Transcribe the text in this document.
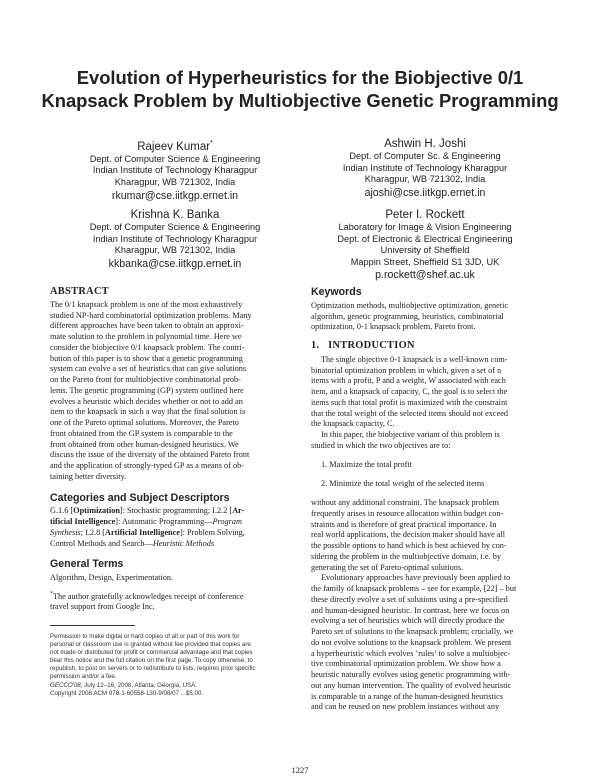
Evolution of Hyperheuristics for the Biobjective 0/1
Knapsack Problem by Multiobjective Genetic Programming
Rajeev Kumar*
Dept. of Computer Science & Engineering
Indian Institute of Technology Kharagpur
Kharagpur, WB 721302, India
rkumar@cse.iitkgp.ernet.in
Ashwin H. Joshi
Dept. of Computer Sc. & Engineering
Indian Institute of Technology Kharagpur
Kharagpur, WB 721302, India
ajoshi@cse.iitkgp.ernet.in
Krishna K. Banka
Dept. of Computer Science & Engineering
Indian Institute of Technology Kharagpur
Kharagpur, WB 721302, India
kkbanka@cse.iitkgp.ernet.in
Peter I. Rockett
Laboratory for Image & Vision Engineering
Dept. of Electronic & Electrical Engineering
University of Sheffield
Mappin Street, Sheffield S1 3JD, UK
p.rockett@shef.ac.uk
ABSTRACT
The 0/1 knapsack problem is one of the most exhaustively
studied NP-hard combinatorial optimization problems. Many
different approaches have been taken to obtain an approxi-
mate solution to the problem in polynomial time. Here we
consider the biobjective 0/1 knapsack problem. The contri-
bution of this paper is to show that a genetic programming
system can evolve a set of heuristics that can give solutions
on the Pareto front for multiobjective combinatorial prob-
lems. The genetic programming (GP) system outlined here
evolves a heuristic which decides whether or not to add an
item to the knapsack in such a way that the final solution is
one of the Pareto optimal solutions. Moreover, the Pareto
front obtained from the GP system is comparable to the
front obtained from other human-designed heuristics. We
discuss the issue of the diversity of the obtained Pareto front
and the application of strongly-typed GP as a means of ob-
taining better diversity.
Categories and Subject Descriptors
G.1.6 [Optimization]: Stochastic programming; I.2.2 [Ar-
tificial Intelligence]: Automatic Programming—Program
Synthesis; I.2.8 [Artificial Intelligence]: Problem Solving,
Control Methods and Search—Heuristic Methods
General Terms
Algorithm, Design, Experimentation.
*The author gratefully acknowledges receipt of conference
travel support from Google Inc.
Permission to make digital or hard copies of all or part of this work for
personal or classroom use is granted without fee provided that copies are
not made or distributed for profit or commercial advantage and that copies
bear this notice and the full citation on the first page. To copy otherwise, to
republish, to post on servers or to redistribute to lists, requires prior specific
permission and/or a fee.
GECCO'08, July 12–16, 2008, Atlanta, Georgia, USA.
Copyright 2008 ACM 978-1-60558-130-9/08/07 ...$5.00.
Keywords
Optimization methods, multiobjective optimization, genetic
algorithm, genetic programming, heuristics, combinatorial
optimization, 0-1 knapsack problem, Pareto front.
1.   INTRODUCTION
The single objective 0-1 knapsack is a well-known com-
binatorial optimization problem in which, given a set of n
items with a profit, P and a weight, W associated with each
item, and a knapsack of capacity, C, the goal is to select the
items such that total profit is maximized with the constraint
that the total weight of the selected items should not exceed
the knapsack capacity, C.
In this paper, the biobjective variant of this problem is
studied in which the two objectives are to:
1. Maximize the total profit
2. Minimize the total weight of the selected items
without any additional constraint. The knapsack problem
frequently arises in resource allocation within budget con-
straints and is therefore of great practical importance. In
real world applications, the decision maker should have all
the possible options to hand which is best achieved by con-
sidering the problem in the multiobjective domain, i.e. by
generating the set of Pareto-optimal solutions.
Evolutionary approaches have previously been applied to
the family of knapsack problems – see for example, [22] – but
these directly evolve a set of solutions using a pre-specified
and human-designed heuristic. In contrast, here we focus on
evolving a set of heuristics which will directly produce the
Pareto set of solutions to the knapsack problem; crucially, we
do not evolve solutions to the knapsack problem. We present
a hyperheuristic which evolves ‘rules’ to solve a multiobjec-
tive combinatorial optimization problem. We show how a
heuristic naturally evolves using genetic programming with-
out any human intervention. The quality of evolved heuristic
is comparable to a range of the human-designed heuristics
and can be reused on new problem instances without any
1227
